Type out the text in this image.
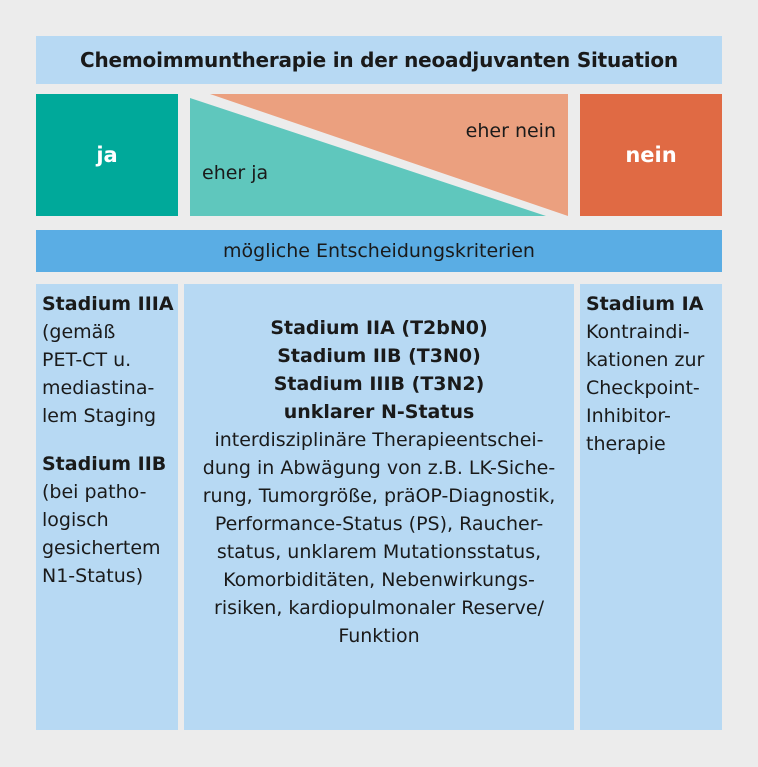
Chemoimmuntherapie in der neoadjuvanten Situation
ja
eher ja
eher nein
nein
mögliche Entscheidungskriterien
Stadium IIIA
(gemäß
PET-CT u.
mediastina-
lem Staging
Stadium IIB
(bei patho-
logisch
gesichertem
N1-Status)
Stadium IIA (T2bN0)
Stadium IIB (T3N0)
Stadium IIIB (T3N2)
unklarer N-Status
interdisziplinäre Therapieentschei-
dung in Abwägung von z.B. LK-Siche-
rung, Tumorgröße, präOP-Diagnostik,
Performance-Status (PS), Raucher-
status, unklarem Mutationsstatus,
Komorbiditäten, Nebenwirkungs-
risiken, kardiopulmonaler Reserve/
Funktion
Stadium IA
Kontraindi-
kationen zur
Checkpoint-
Inhibitor-
therapie
